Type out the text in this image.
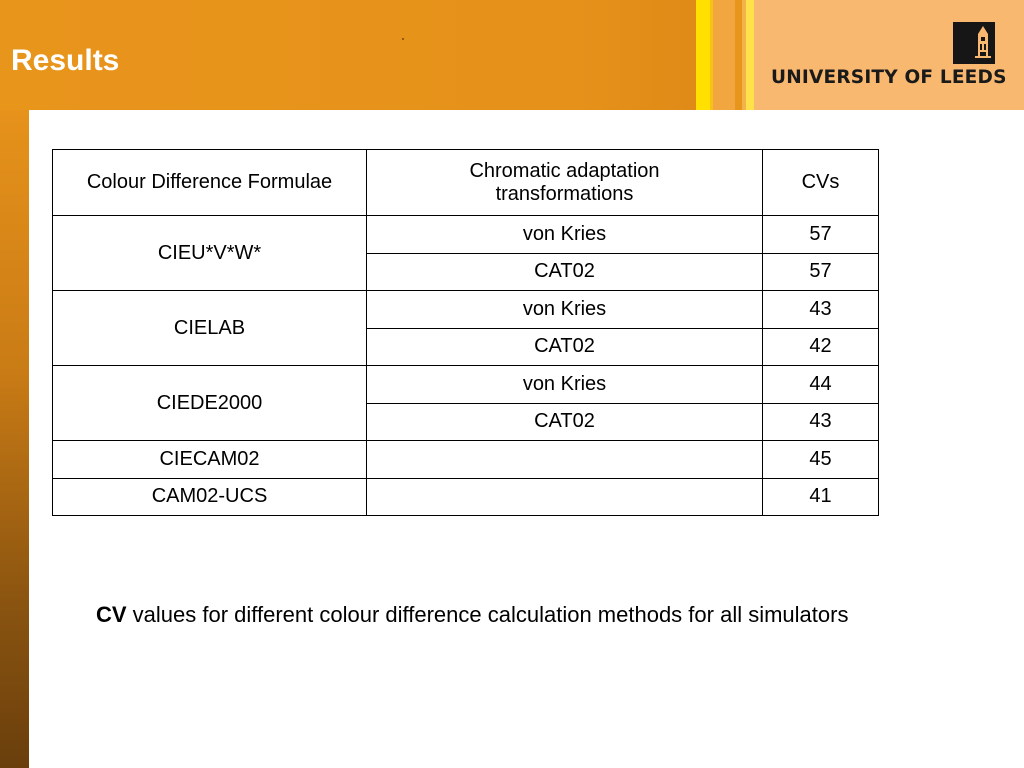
UNIVERSITY OF LEEDS
Results
Colour Difference Formulae	Chromatic adaptation transformations	CVs
CIEU*V*W*	von Kries	57
	CAT02	57
CIELAB	von Kries	43
	CAT02	42
CIEDE2000	von Kries	44
	CAT02	43
CIECAM02		45
CAM02-UCS		41
CV values for different colour difference calculation methods for all simulators
